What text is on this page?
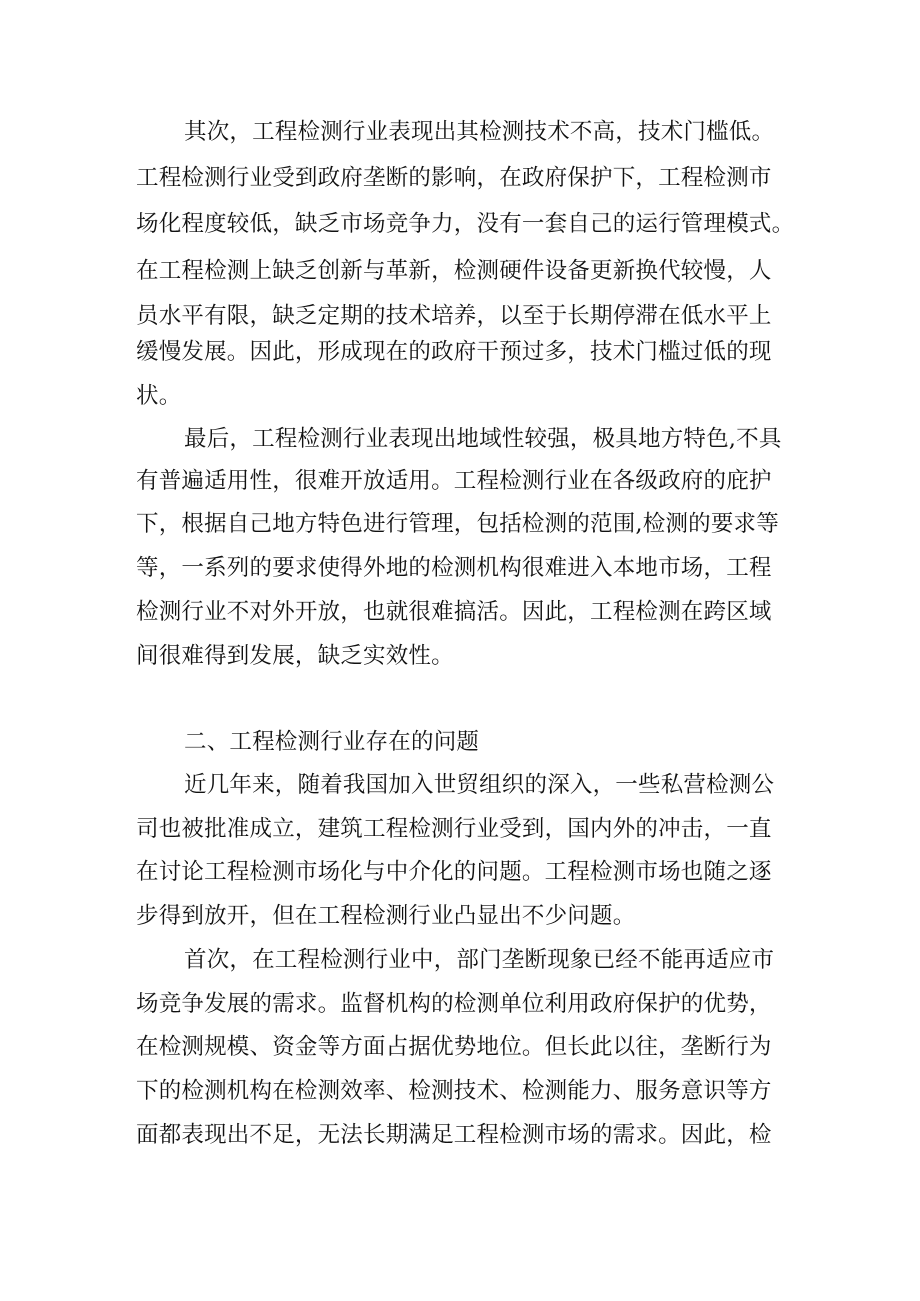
其次，工程检测行业表现出其检测技术不高，技术门槛低。
工程检测行业受到政府垄断的影响，在政府保护下，工程检测市
场化程度较低，缺乏市场竞争力，没有一套自己的运行管理模式。
在工程检测上缺乏创新与革新，检测硬件设备更新换代较慢，人
员水平有限，缺乏定期的技术培养，以至于长期停滞在低水平上
缓慢发展。因此，形成现在的政府干预过多，技术门槛过低的现
状。
最后，工程检测行业表现出地域性较强，极具地方特色,不具
有普遍适用性，很难开放适用。工程检测行业在各级政府的庇护
下，根据自己地方特色进行管理，包括检测的范围,检测的要求等
等，一系列的要求使得外地的检测机构很难进入本地市场，工程
检测行业不对外开放，也就很难搞活。因此，工程检测在跨区域
间很难得到发展，缺乏实效性。
二、工程检测行业存在的问题
近几年来，随着我国加入世贸组织的深入，一些私营检测公
司也被批准成立，建筑工程检测行业受到，国内外的冲击，一直
在讨论工程检测市场化与中介化的问题。工程检测市场也随之逐
步得到放开，但在工程检测行业凸显出不少问题。
首次，在工程检测行业中，部门垄断现象已经不能再适应市
场竞争发展的需求。监督机构的检测单位利用政府保护的优势，
在检测规模、资金等方面占据优势地位。但长此以往，垄断行为
下的检测机构在检测效率、检测技术、检测能力、服务意识等方
面都表现出不足，无法长期满足工程检测市场的需求。因此，检
